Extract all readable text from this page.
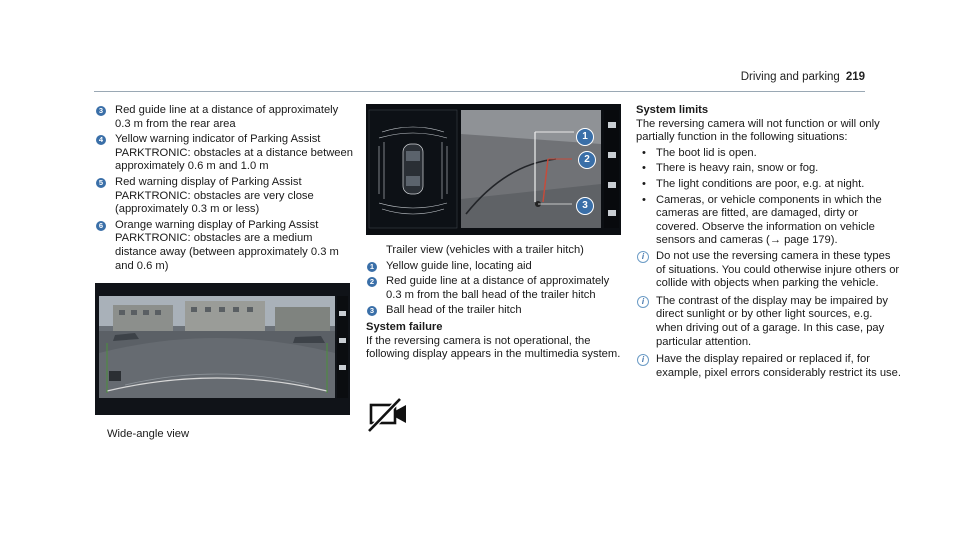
Driving and parking 219
3 Red guide line at a distance of approximately 0.3 m from the rear area
4 Yellow warning indicator of Parking Assist PARKTRONIC: obstacles at a distance between approximately 0.6 m and 1.0 m
5 Red warning display of Parking Assist PARKTRONIC: obstacles are very close (approximately 0.3 m or less)
6 Orange warning display of Parking Assist PARKTRONIC: obstacles are a medium distance away (between approximately 0.3 m and 0.6 m)
Wide-angle view
1
2
3
Trailer view (vehicles with a trailer hitch)
1 Yellow guide line, locating aid
2 Red guide line at a distance of approximately 0.3 m from the ball head of the trailer hitch
3 Ball head of the trailer hitch
System failure
If the reversing camera is not operational, the following display appears in the multimedia system.
System limits
The reversing camera will not function or will only partially function in the following situations:
• The boot lid is open.
• There is heavy rain, snow or fog.
• The light conditions are poor, e.g. at night.
• Cameras, or vehicle components in which the cameras are fitted, are damaged, dirty or covered. Observe the information on vehicle sensors and cameras (→ page 179).
i	Do not use the reversing camera in these types of situations. You could otherwise injure others or collide with objects when parking the vehicle.
i	The contrast of the display may be impaired by direct sunlight or by other light sources, e.g. when driving out of a garage. In this case, pay particular attention.
i	Have the display repaired or replaced if, for example, pixel errors considerably restrict its use.
